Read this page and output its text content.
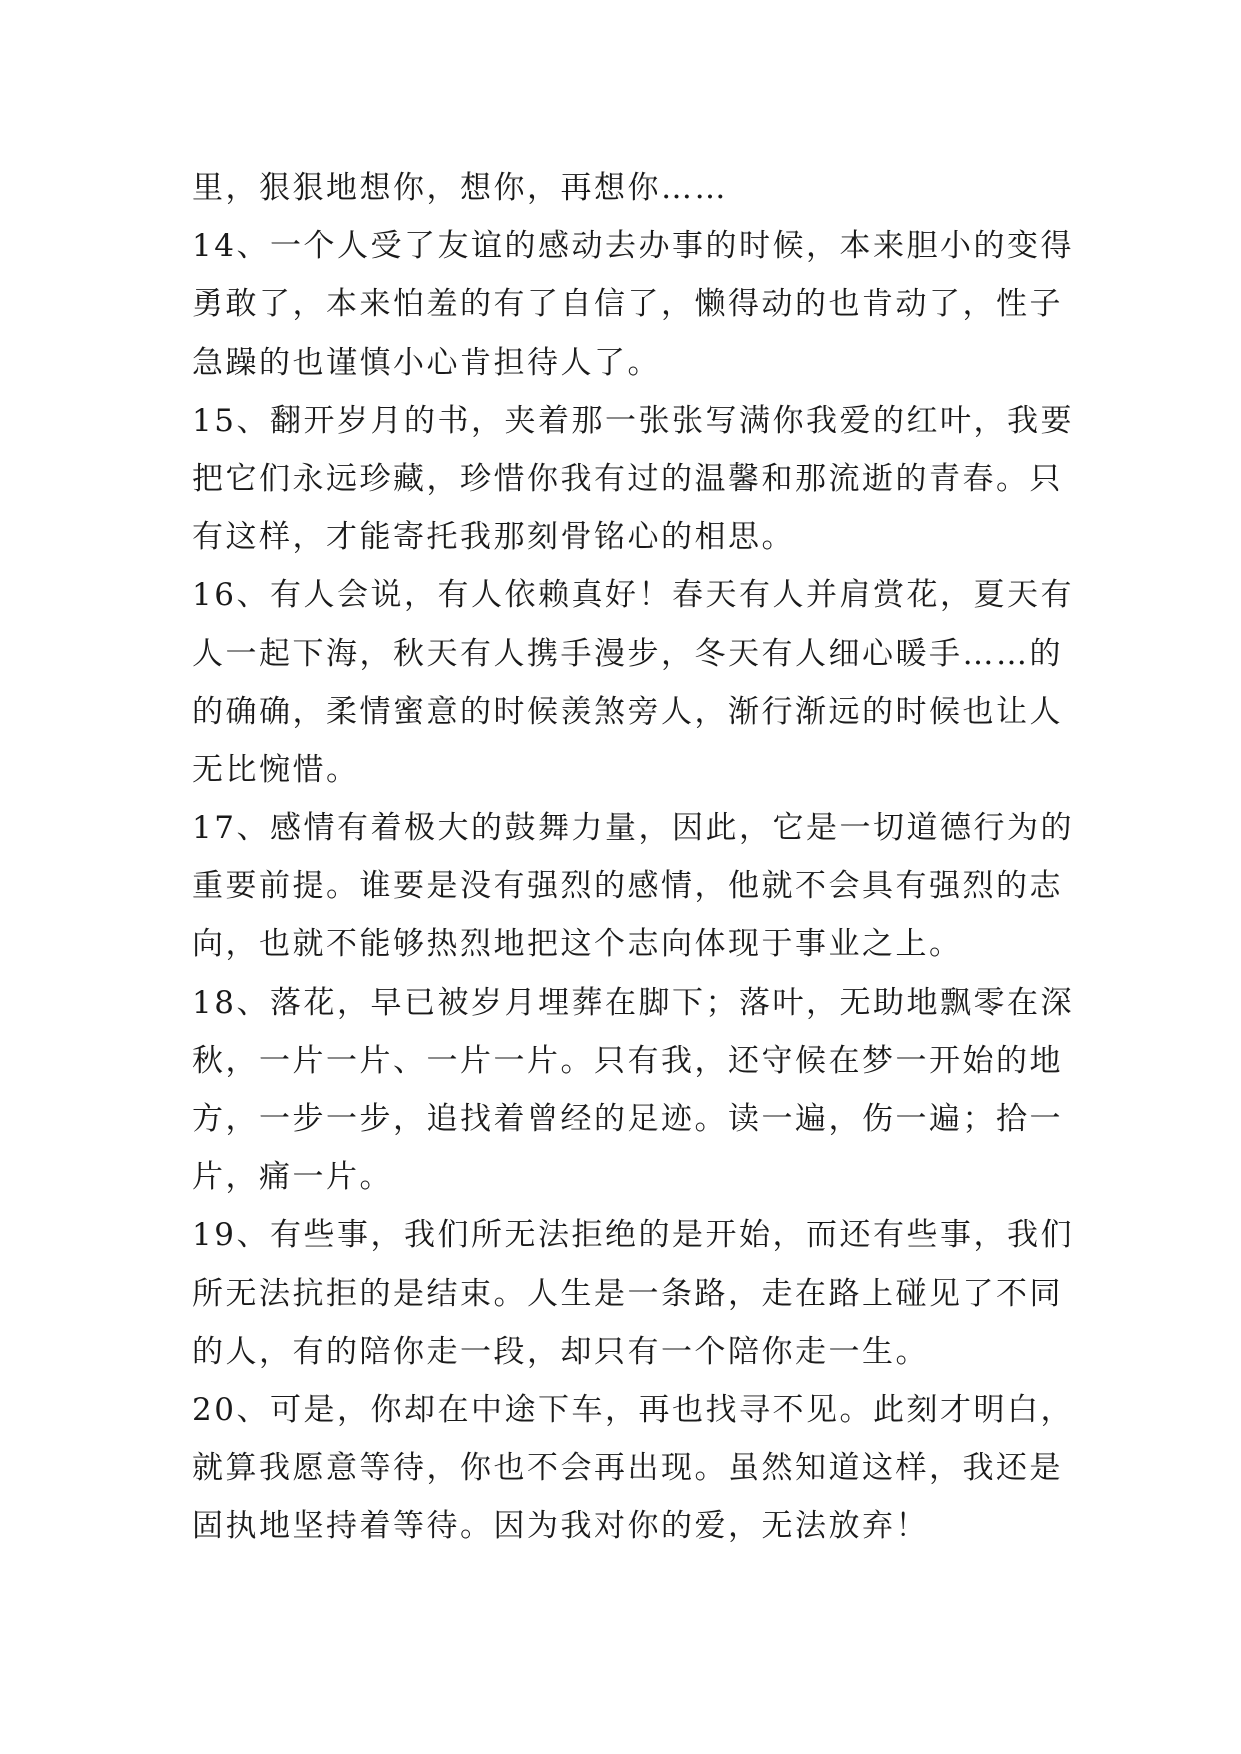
里，狠狠地想你，想你，再想你……
14、一个人受了友谊的感动去办事的时候，本来胆小的变得
勇敢了，本来怕羞的有了自信了，懒得动的也肯动了，性子
急躁的也谨慎小心肯担待人了。
15、翻开岁月的书，夹着那一张张写满你我爱的红叶，我要
把它们永远珍藏，珍惜你我有过的温馨和那流逝的青春。只
有这样，才能寄托我那刻骨铭心的相思。
16、有人会说，有人依赖真好！春天有人并肩赏花，夏天有
人一起下海，秋天有人携手漫步，冬天有人细心暖手……的
的确确，柔情蜜意的时候羡煞旁人，渐行渐远的时候也让人
无比惋惜。
17、感情有着极大的鼓舞力量，因此，它是一切道德行为的
重要前提。谁要是没有强烈的感情，他就不会具有强烈的志
向，也就不能够热烈地把这个志向体现于事业之上。
18、落花，早已被岁月埋葬在脚下；落叶，无助地飘零在深
秋，一片一片、一片一片。只有我，还守候在梦一开始的地
方，一步一步，追找着曾经的足迹。读一遍，伤一遍；拾一
片，痛一片。
19、有些事，我们所无法拒绝的是开始，而还有些事，我们
所无法抗拒的是结束。人生是一条路，走在路上碰见了不同
的人，有的陪你走一段，却只有一个陪你走一生。
20、可是，你却在中途下车，再也找寻不见。此刻才明白，
就算我愿意等待，你也不会再出现。虽然知道这样，我还是
固执地坚持着等待。因为我对你的爱，无法放弃！
